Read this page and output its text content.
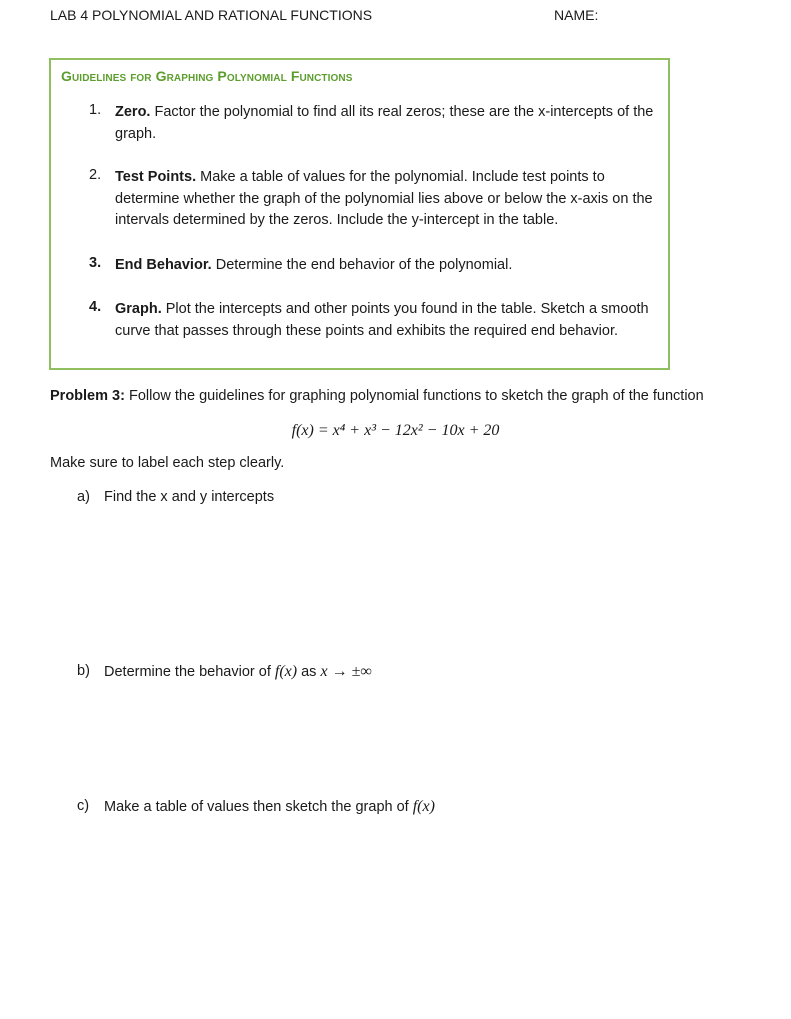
LAB 4 POLYNOMIAL AND RATIONAL FUNCTIONS	NAME:
Guidelines for Graphing Polynomial Functions
1. Zero. Factor the polynomial to find all its real zeros; these are the x-intercepts of the graph.
2. Test Points. Make a table of values for the polynomial. Include test points to determine whether the graph of the polynomial lies above or below the x-axis on the intervals determined by the zeros. Include the y-intercept in the table.
3. End Behavior. Determine the end behavior of the polynomial.
4. Graph. Plot the intercepts and other points you found in the table. Sketch a smooth curve that passes through these points and exhibits the required end behavior.
Problem 3: Follow the guidelines for graphing polynomial functions to sketch the graph of the function
f(x) = x⁴ + x³ − 12x² − 10x + 20
Make sure to label each step clearly.
a) Find the x and y intercepts
b) Determine the behavior of f(x) as x → ±∞
c) Make a table of values then sketch the graph of f(x)
